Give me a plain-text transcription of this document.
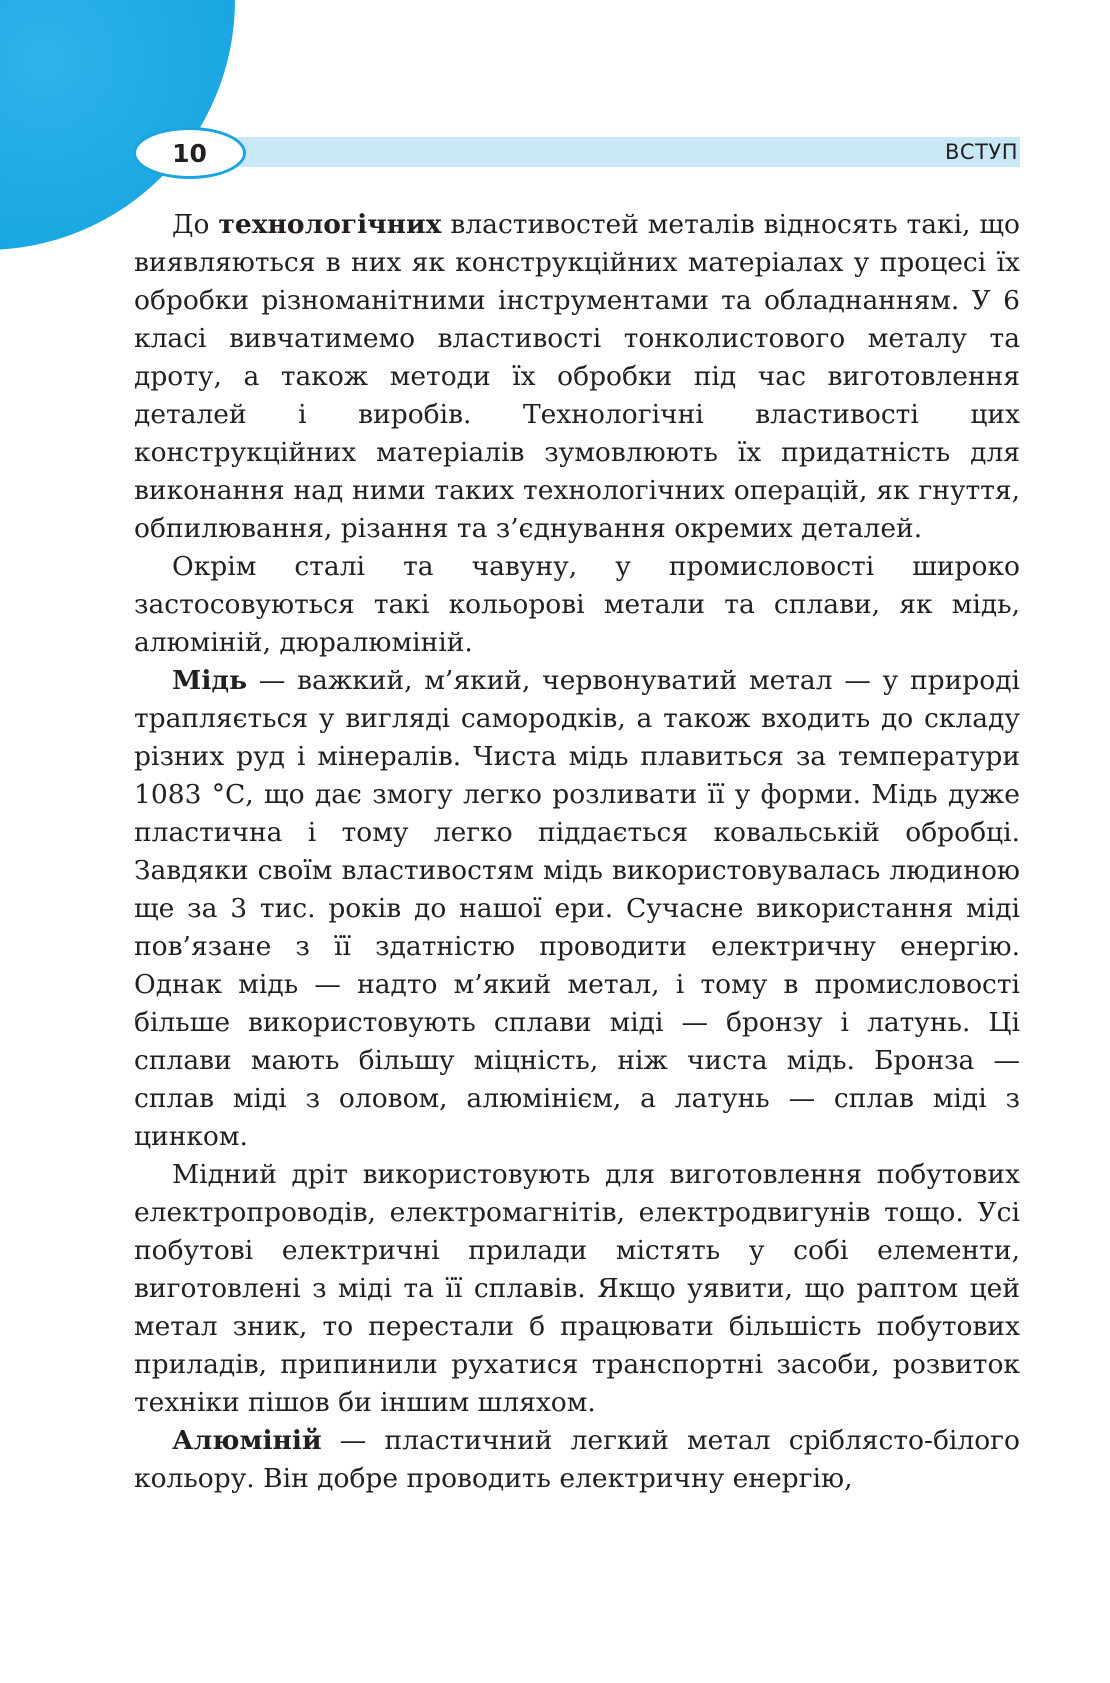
10	ВСТУП

До технологічних властивостей металів відносять такі, що виявляються в них як конструкційних матеріалах у процесі їх обробки різноманітними інструментами та обладнанням. У 6 класі вивчатимемо властивості тонколистового металу та дроту, а також методи їх обробки під час виготовлення деталей і виробів. Технологічні властивості цих конструкційних матеріалів зумовлюють їх придатність для виконання над ними таких технологічних операцій, як гнуття, обпилювання, різання та з’єднування окремих деталей.

Окрім сталі та чавуну, у промисловості широко застосовуються такі кольорові метали та сплави, як мідь, алюміній, дюралюміній.

Мідь — важкий, м’який, червонуватий метал — у природі трапляється у вигляді самородків, а також входить до складу різних руд і мінералів. Чиста мідь плавиться за температури 1083 °С, що дає змогу легко розливати її у форми. Мідь дуже пластична і тому легко піддається ковальській обробці. Завдяки своїм властивостям мідь використовувалась людиною ще за 3 тис. років до нашої ери. Сучасне використання міді пов’язане з її здатністю проводити електричну енергію. Однак мідь — надто м’який метал, і тому в промисловості більше використовують сплави міді — бронзу і латунь. Ці сплави мають більшу міцність, ніж чиста мідь. Бронза — сплав міді з оловом, алюмінієм, а латунь — сплав міді з цинком.

Мідний дріт використовують для виготовлення побутових електропроводів, електромагнітів, електродвигунів тощо. Усі побутові електричні прилади містять у собі елементи, виготовлені з міді та її сплавів. Якщо уявити, що раптом цей метал зник, то перестали б працювати більшість побутових приладів, припинили рухатися транспортні засоби, розвиток техніки пішов би іншим шляхом.

Алюміній — пластичний легкий метал сріблясто-білого кольору. Він добре проводить електричну енергію,
